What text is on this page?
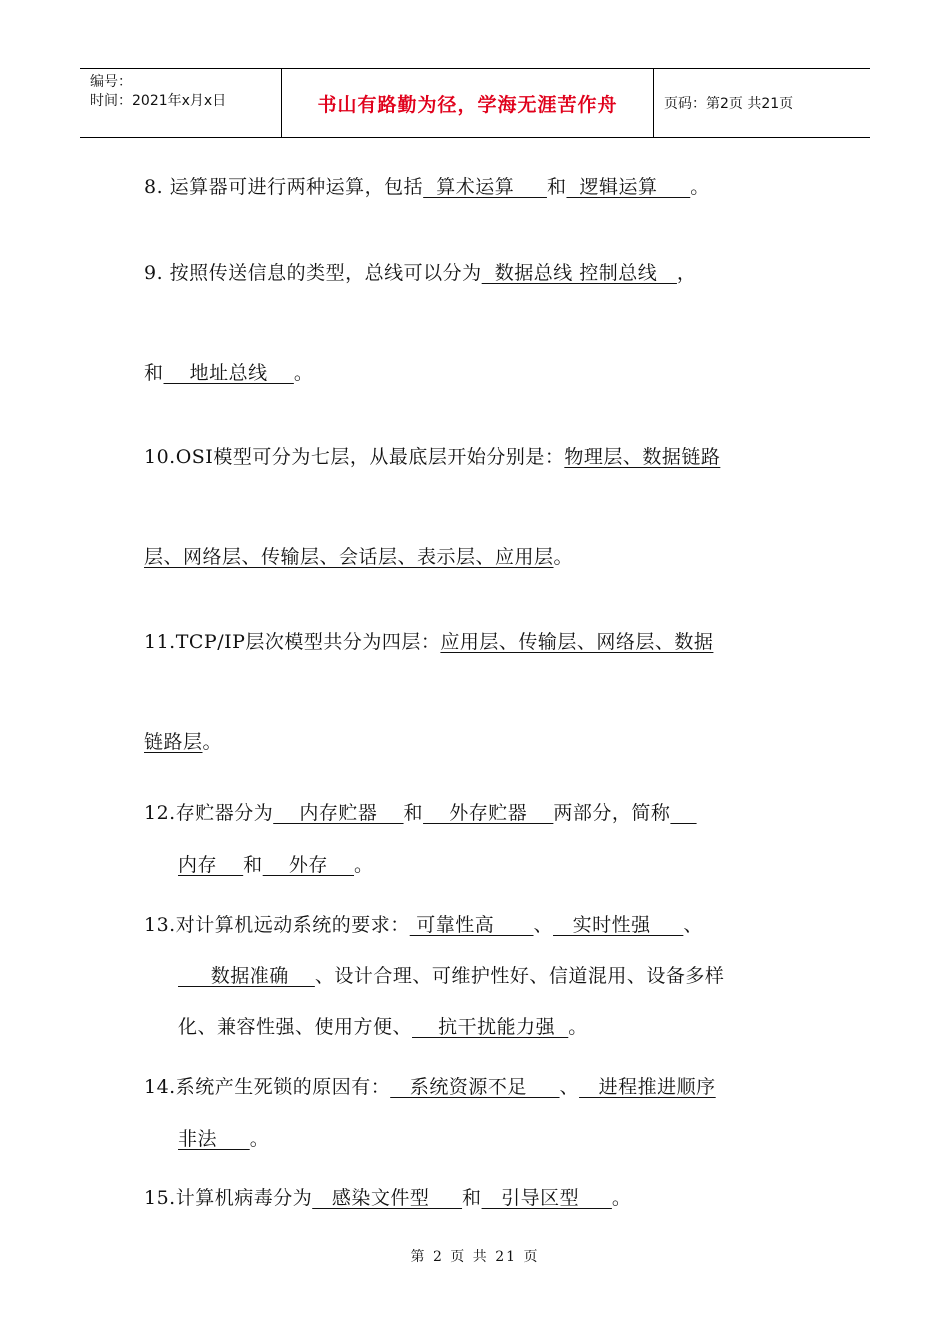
编号：
时间：2021年x月x日	书山有路勤为径，学海无涯苦作舟	页码：第2页 共21页
8. 运算器可进行两种运算，包括  算术运算     和  逻辑运算     。
9. 按照传送信息的类型，总线可以分为  数据总线 控制总线   ，
和    地址总线    。
10.OSI模型可分为七层，从最底层开始分别是：物理层、数据链路
层、网络层、传输层、会话层、表示层、应用层。
11.TCP/IP层次模型共分为四层：应用层、传输层、网络层、数据
链路层。
12.存贮器分为    内存贮器    和    外存贮器    两部分，简称
内存    和    外存    。
13.对计算机远动系统的要求： 可靠性高      、   实时性强     、
数据准确    、设计合理、可维护性好、信道混用、设备多样
化、兼容性强、使用方便、    抗干扰能力强  。
14.系统产生死锁的原因有：   系统资源不足     、   进程推进顺序
非法     。
15.计算机病毒分为   感染文件型     和   引导区型     。
第 2 页 共 21 页
